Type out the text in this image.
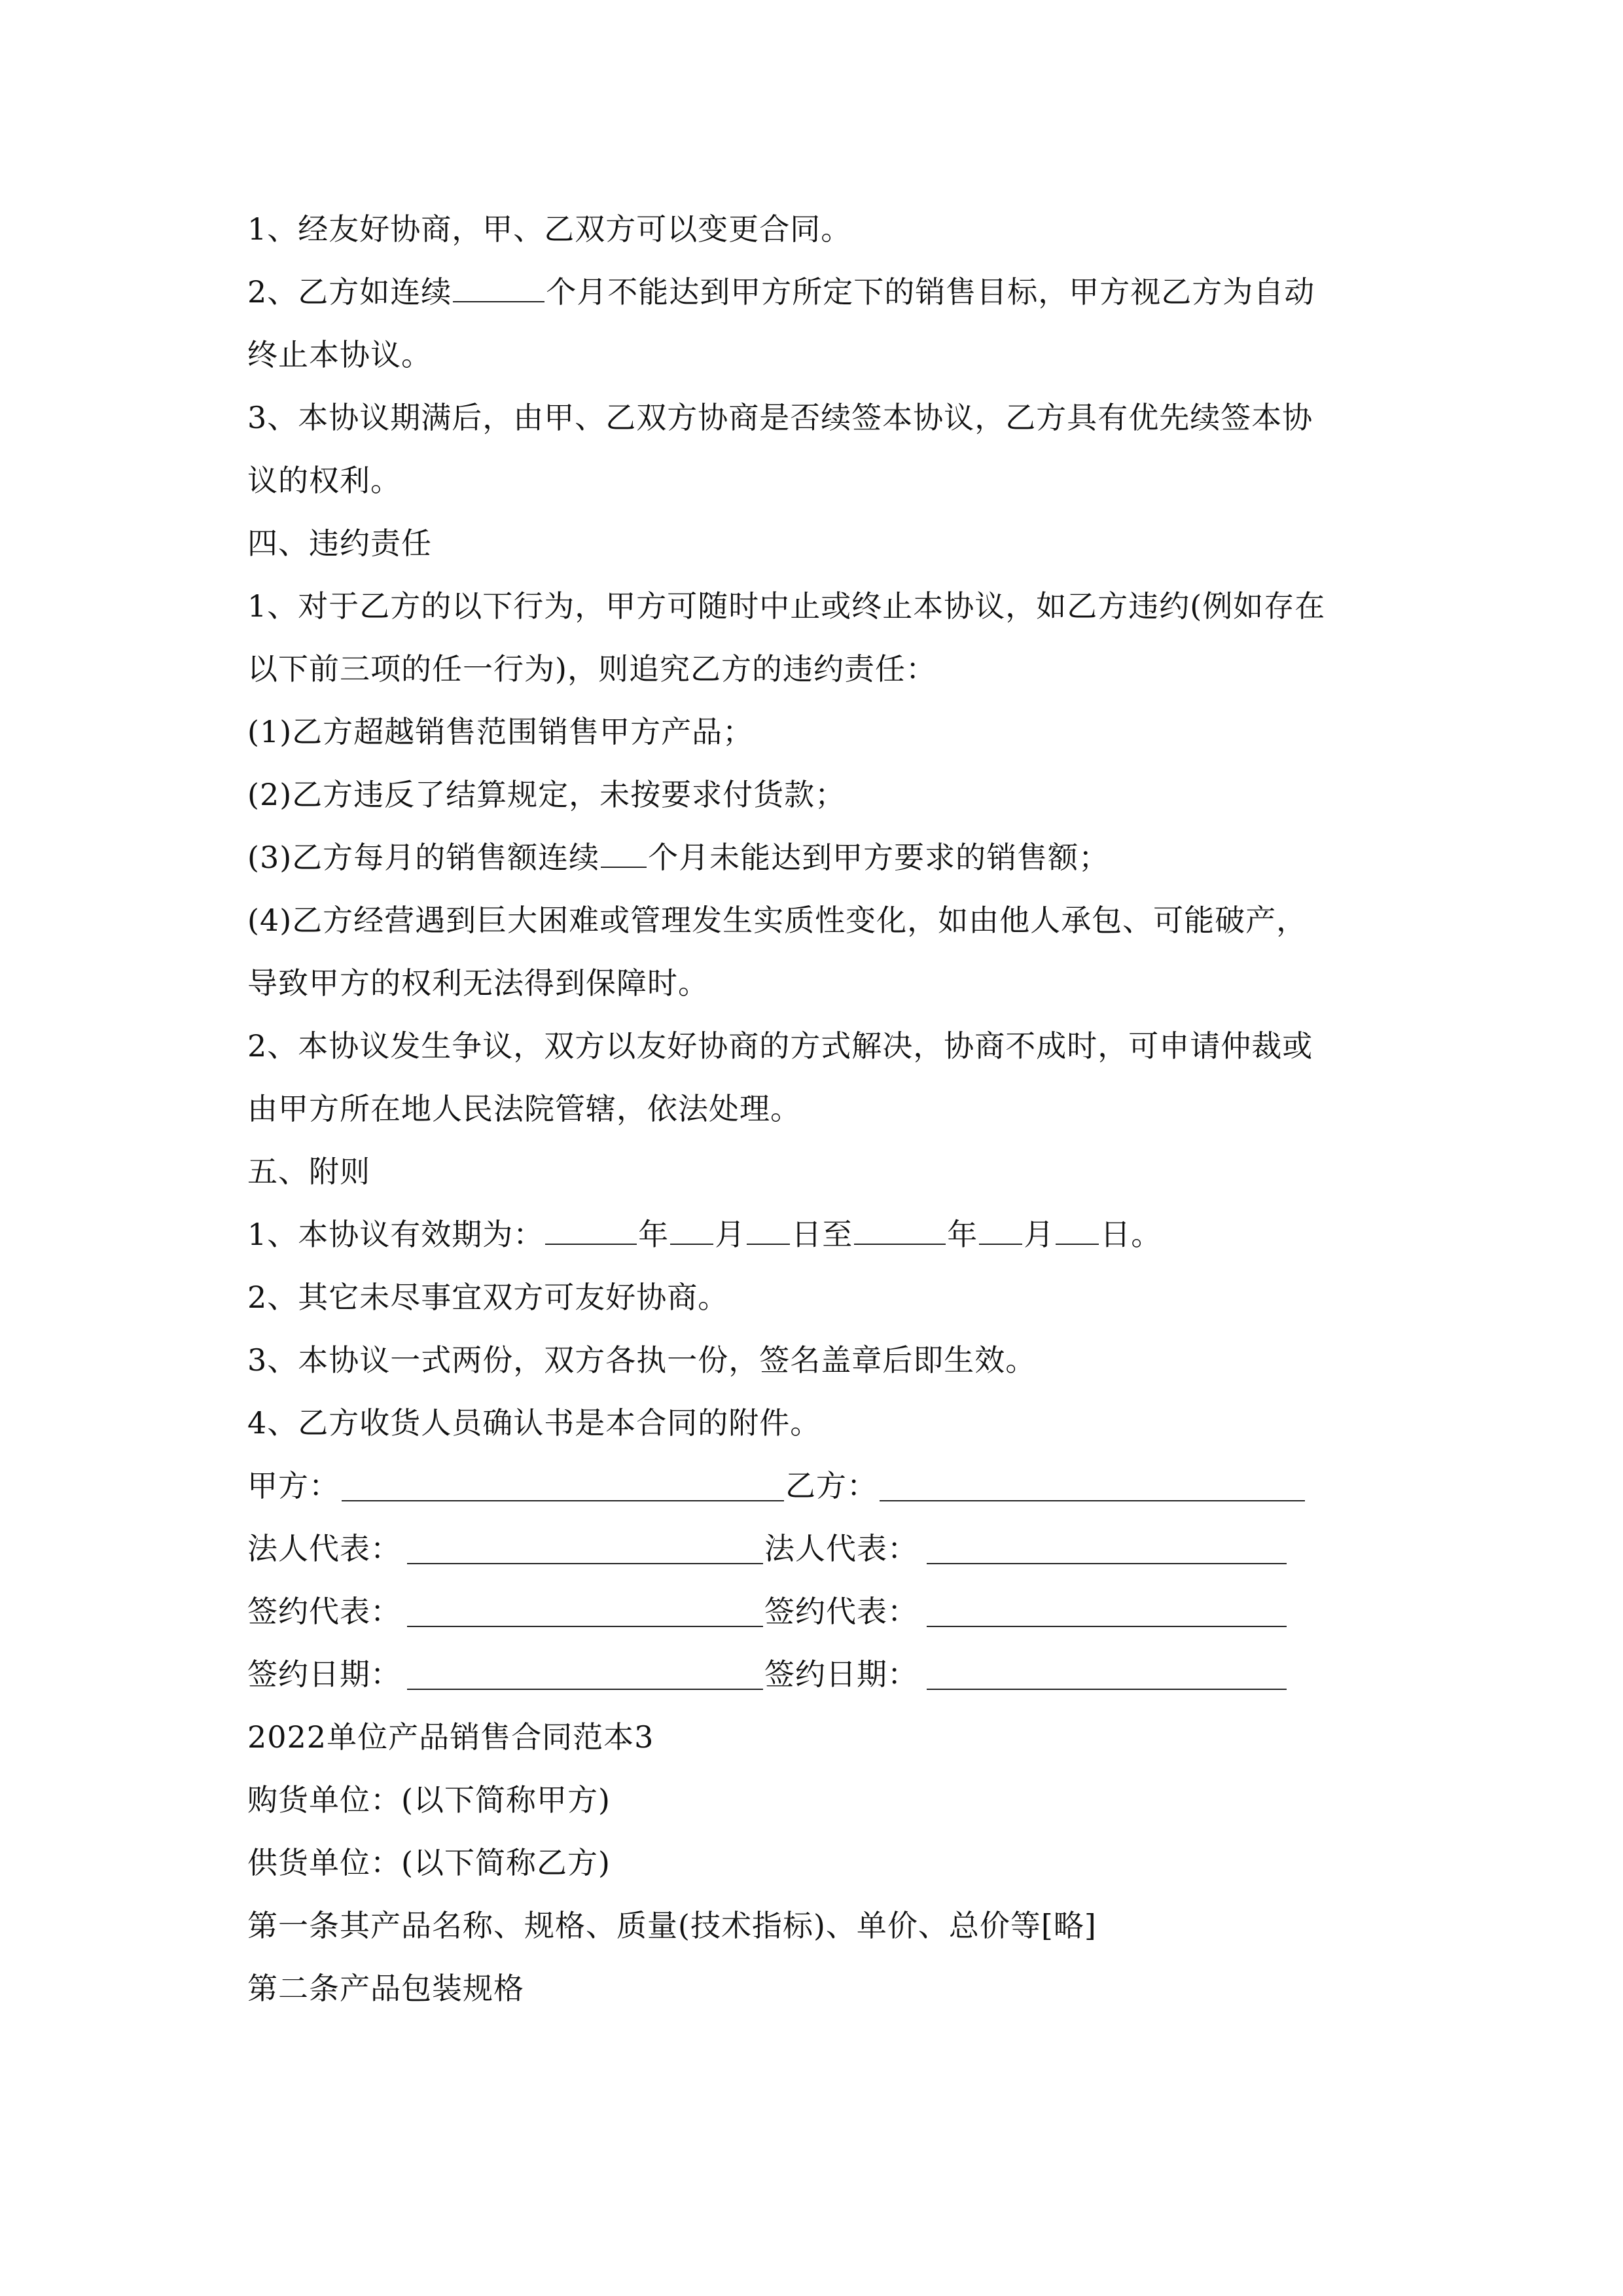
1、经友好协商，甲、乙双方可以变更合同。
2、乙方如连续	个月不能达到甲方所定下的销售目标，甲方视乙方为自动
终止本协议。
3、本协议期满后，由甲、乙双方协商是否续签本协议，乙方具有优先续签本协
议的权利。
四、违约责任
1、对于乙方的以下行为，甲方可随时中止或终止本协议，如乙方违约(例如存在
以下前三项的任一行为)，则追究乙方的违约责任：
(1)乙方超越销售范围销售甲方产品；
(2)乙方违反了结算规定，未按要求付货款；
(3)乙方每月的销售额连续 个月未能达到甲方要求的销售额；
(4)乙方经营遇到巨大困难或管理发生实质性变化，如由他人承包、可能破产，
导致甲方的权利无法得到保障时。
2、本协议发生争议，双方以友好协商的方式解决，协商不成时，可申请仲裁或
由甲方所在地人民法院管辖，依法处理。
五、附则
1、本协议有效期为：	年 月 日至	年 月 日。
2、其它未尽事宜双方可友好协商。
3、本协议一式两份，双方各执一份，签名盖章后即生效。
4、乙方收货人员确认书是本合同的附件。
甲方：	乙方：
法人代表：	法人代表：
签约代表：	签约代表：
签约日期：	签约日期：
2022单位产品销售合同范本3
购货单位：(以下简称甲方)
供货单位：(以下简称乙方)
第一条其产品名称、规格、质量(技术指标)、单价、总价等[略]
第二条产品包装规格
